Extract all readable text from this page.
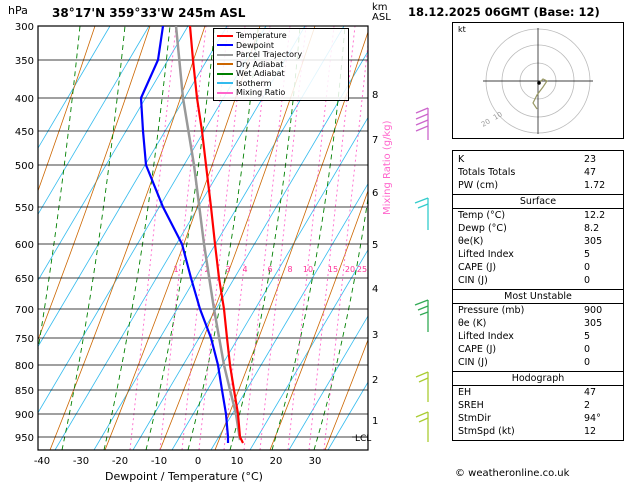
300
350
400
450
500
550
600
650
700
750
800
850
900
950
-40 -30 -20 -10	0	10	20	30
8
7
6
5
4
3
2
1
1	2 3 4 6 8 10 15 20 25
LCL
hPa 38°17'N 359°33'W 245m ASL	km
ASL
Dewpoint / Temperature (°C)
Mixing Ratio (g/kg)
Temperature
Dewpoint
Parcel Trajectory
Dry Adiabat
Wet Adiabat
Isotherm
Mixing Ratio
18.12.2025 06GMT (Base: 12)
kt
10
20
K	23
Totals Totals	47
PW (cm)	1.72
Surface
Temp (°C)	12.2
Dewp (°C)	8.2
θe(K)	305
Lifted Index	5
CAPE (J)	0
CIN (J)	0
Most Unstable
Pressure (mb)	900
θe (K)	305
Lifted Index	5
CAPE (J)	0
CIN (J)	0
Hodograph
EH	47
SREH	2
StmDir	94°
StmSpd (kt)	12
© weatheronline.co.uk
